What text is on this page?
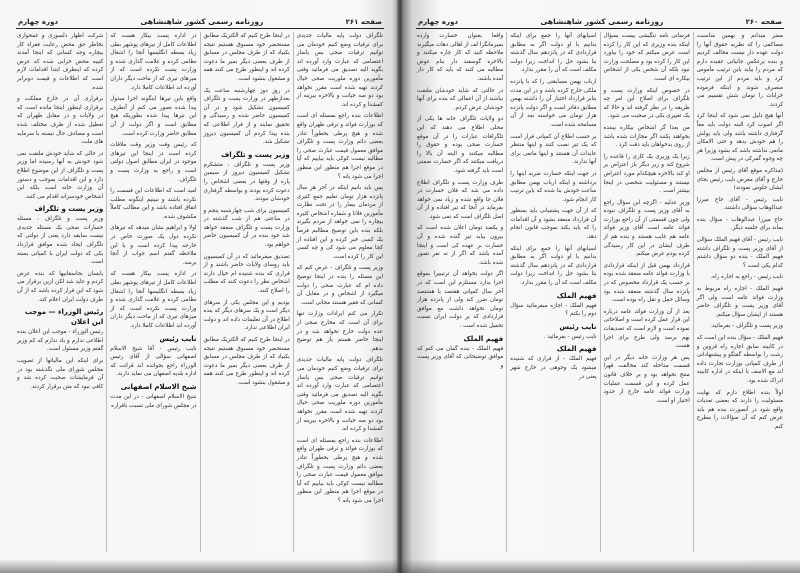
صفحه ۲۶۱
روزنامه رسمی کشور شاهنشاهی
دوره چهارم

تلگراف دولت پایه مالیات جدیدی برای ترقیات وضع کنیم خودمان می توانیم ترقیات صحی بس یاساز اعتصامی که عبارت وارد آورده اند بگوید الیه تصدیق می فرمائید وقتی مأمورین دوره ملوریت صحی خیال کردند تهیه شده است مقرر نخواهد بود دو صه خیانت و بالاخره بیرینه از کمشدا و کرده اند.

اطلاعات بنده راجع بمسئله ای است که بوزارت فوائد و ترقی طهران واقع شده و هیچ پرطی بخطوراً تنادر بعضی دائم وزارت پست و تلگراف موافق معمول قیمت عبارت صحی را مطالبه نیست کوکی باید بیاییم که آیا در موقع اجرا هم منظور این منظور اجرا می شود یانه ؟

پس باید بانیم اینکه در آخر هر سال پانزده هزار تومان تعلیم جمع کثیری از مردمان بیمار را در تحت نظارت مأمورین فلانا و شماره اشخاص کثیره بیچاره را نمی خواهد از مردم بگیرند بلکه بنده باین توضیح مطالبم فرضاً یک کسی خبر کرده و این افتاده از کجا معلوم می شود کی و چه کسی این کار را کرده است.

وزیر پست و تلگراف - عرض کنم که این مسئله را بنده در اینجا توضیح داده ام که عبارت صحی را دولت میگیرد از اشخاص و در مقابل آن کسانی که فقیر هستند مجانی است.

تکرار می کنم ایرادات وزارت تنها برای آن است که مخارج صحی از عده دولت خارج نخواهد شد و در اینجا حاضر هستم باز هم توضیح بدهم.

تلگراف دولت پایه مالیات جدیدی برای ترقیات وضع کنیم خودمان می توانیم ترقیات صحی بس یاساز اعتصامی که عبارت وارد آورده اند بگوید الیه تصدیق می فرمائید وقتی مأمورین دوره ملوریت صحی خیال کردند تهیه شده است مقرر نخواهد بود دو صه خیانت و بالاخره بیرینه از کمشدا و کرده اند.

اطلاعات بنده راجع بمسئله ای است که بوزارت فوائد و ترقی طهران واقع شده و هیچ پرطی بخطوراً تنادر بعضی دائم وزارت پست و تلگراف موافق معمول قیمت عبارت صحی را مطالبه نیست کوکی باید بیاییم که آیا در موقع اجرا هم منظور این منظور اجرا می شود یانه ؟

در اینجا طرح کنیم که الکتریک مطابق مستحضر خود مسبوق هستیم نتیجه بکبیاد که از طرف مجلس در مسابق از طرف بعضی دیگر بمیر ما دعوت کرده اند و اینطور طرح می کنند همه و مشغول بنشود است.

در روز دوز چهارشنبه ساعت یک بعدازظهر در وزارت پست و تلگراف کمیسیون تشکیل شود و در آن کمیسیون حاضر شده و رسیدگی و تحقیق نمایند و از قرار اطلاعی که بنده پیدا کردم آن کمیسیون دیروز تشکیل شد.

وزیر پست و تلگراف

وزیر پست و تلگراف ، متشکرم تشکیل کمیسیون دیروز از سیمین پاره از وقتها در بعضی اشخاص را دعوت کرده بودند و بواسطه گرفتاری خودشان نبودند.

کمیسیون برای شب چهارشنبه پنجم و در ساعتی هم از شب گذشته در وزارت پست و تلگراف منعقد خواهد شد خود بنده در آن کمیسیون حاضر خواهم بود.

تصدیق میفرمائید که در آن کمیسیون باید روسای ولایات حاضر باشند و از قراری که بنده شنیده ام خیال دارند اشخاص نظر را دعوت کنند که مطلب را اصلاح کنند.

بودیم و این مجلس یکی از سرهای دیگر است و یک سرهای دیگر که بنده اطلاع در آن تعلیمات داده اند و دولت ایران اطلاعی ندارد.

در اینجا طرح کنیم که الکتریک مطابق مستحضر خود مسبوق هستیم نتیجه بکبیاد که از طرف مجلس در مسابق از طرف بعضی دیگر بمیر ما دعوت کرده اند و اینطور طرح می کنند همه و مشغول بنشود است.

در اداره پست بیکار هست که اطلاعات کامل از تیرهای پوشهر بطی زیاد بسطه انگلیسها آنجا را اشغال نظامی کرده و علامت گذاری شده و وزارت پست نکرده است که از میزهای تیری که از ماحت دیگر داران آورده اند اطلاعات کاملا دارد.

واقع باین تیرها اینگونه اجرا مبذول پیدا شده تصور می کنم از آنطرف این تیرها پیدا شده بطوریکه هیچ مطابق است و اگر دولت از آن مطابق حاضر وزارت کرده است.

که رئیس وقت وزیر وقت ملاقات کرده است در اینجا این تیرهای موجود در ایران مطابق اصول دولتی است و راجع به وزارت پست و تلگراف.

امید است که اطلاعات این قسمت را نکرده باشند و نبینیم اینگونه مطلب اتفاق افتاده باشد و این مطالب کاملاً مکشوف شده.

اولا و ابراهیم نشان میدهد که تیرهای نکرده دول یک صورت خاص در خارجه پیدا کرده است و با این ملاحظه گفتم اسم جواب از آنجا برسد.

در اداره پست بیکار هست که اطلاعات کامل از تیرهای پوشهر بطی زیاد بسطه انگلیسها آنجا را اشغال نظامی کرده و علامت گذاری شده و وزارت پست نکرده است که از میزهای تیری که از ماحت دیگر داران آورده اند اطلاعات کاملا دارد.

نایب رئیس

نایب رئیس - آقا شیخ الاسلام اصفهانی سؤالی از آقای رئیس الوزراء راجع بخوانده اند قرائت که اداره بلدیه اصفهان می نماید دارند.

شیخ الاسلام اصفهانی

شیخ الاسلام اصفهانی - در این مدت در مجلس شورای ملی نسبت باقراره

شرکت اظهار دلسوزی و غمخواری بخاطر حق محض رعایت فقراء کار بیچاره وجه کسانی که اینجا آمدند کتیبه محض خرابی شده که عرض کرده که اینطرف ابتدا اقدامات لازم است که اطلاعات و قیمت دوبرابر شده.

برقراری آن در خارج مملکت و برقراری اینطور اینجا مانده است که در ولایات و در مقابل طهران که تعطیل شده از طرف مختلف شده است و مصادف حال نبسته با سرمایه های ملت.

در حالی که شاید خودش ملتفت نمی شود خودش به آنها رسیده اما وزیر پست و تلگراف از این موضوع اطلاع دارد و این اقدامات بموجب و دستور آن وزارت خانه است بلکه این اشخاص خودسرانه اقدام می کنند.

وزیر پست و تلگراف

وزیر پست و تلگراف ، مسئله خسارات صحی یک مسئله جدیدی نیست سابقه دارد یعنی از دولتی که تلگراف ایجاد شده موافق قرارداد یکی که دولت ایران با کمپانی بسته است.

بایسان بحاسقابیها که بنده عرض کردم و عاید شد لکن ازین برقرار می شود که این قرار کرده باشد که از آن طرف دولت ایران اعلام کند.

رئیس الوزراء — موجب این اعلان

رئیس الوزراء - موجب این اعلان بنده اطلاعی ندارم و یاد ندارم که کم وزیر گفتم وزیر مسئول است.

برای اینکه این مالیاتها از تصویب مجلس شورای ملی نگذشته بود در آن فرمایشات صحبت کرده شد و کافی نبود که متن برقرار کردند.

صفحه ۲۶۰
روزنامه رسمی کشور شاهنشاهی
دوره چهارم

مضر میدانم و بهمین مناسبت مصاکمی را که نظریه حقوق آنها را دولت عهده دار نیست مخالف کردیم و بنده برعکس جانیانی عقیده دارم که مردم را بیاید باین ترتیب مأموس کرد و باید مردم از این ترتیب منصرف شوند و اینکه فرموده خرابات را تومان شش تقسیم می کردند.

آنها هیچ دلیل نمی شود که اینجا کرد اگر اصوب کرد البته دولت باید معاً گرفتاری داشته باشد ولی باید پولش را هم خودش بدهد و حتی الامکان مانعی نداشته باشد که بشود وزیرا هر چه وجوه گمرکی در پیش است.

(مذاکره موقع آقای رئیس از مجلس خارج و آقای معرض نایب رئیس بجای ایشان جلوس نمودند)

نایب رئیس - آقای حاج میرزا عبدالوهاب سؤالی داشتند.

حاج میرزا عبدالوهاب - سؤال بنده بماند برای جلسه دیگر.

نایب رئیس - آقای فهیم الملک سؤالی از آقای وزیر پست و تلگراف داشته فهیم الملک - بنده دو سؤال داشتم کدام یکی است ؟

نایب رئیس - راجع به اجاره راه.

فهیم الملک - اجاره راه مربوط به وزارت فوائد عامه است ولی اگر آقای وزیر پست و تلگراف حاضر هستند از ایشان سؤال میکنم.

وزیر پست و تلگراف - بفرمائید.

فهیم الملک - سؤال بنده این است که در کابینه سابق اجاره راه قزوین و رشت را بواسطه گفتگو و پیشنهاداتی از طرف کمپانی بوزارت تجارت داده اند مع الاسف با اینکه در اداره کابینه ادراک شده بود.

اولاً بنده اطلاع دارم که نهایت مسئولیت را دارند که بعضی تعدیات واقع شود در آنصورت بنده هم باید عرض کنم که آن سؤالات را مطرح کنم.

فرساتی نامه تنگیشی بیست بسؤال اینکه بنده وزیری که این کار را کرده است عرض میکنم که خود را بیاورد این کار را کرده بود و مصلحت وزارت نبود بلکه آن شخص یکی از اشخاص بیکاره ای است.

در خصوص اینکه وزارت پست و تلگراف برای اصلاح این امر چه طریقه را در نظر گرفته اند و حالا که یک تغییری یکی در صحبت می شود.

من بعدا گر اشخاص بیکاره بیننده بخواهند بکنند اگر مجازات شده باشد از روی بدخواهان باید دقت کرد .

زیرا یک وزیری یک کاری را قاعده را شروع کند و زیر دیگر باز اعتراض بر او کند بالاخره هیچکدام مورد اعتراض نیستند و مسئولیت شخصی در اینجا بیشتر است .

وزیر عدلیه - اگرچه این سؤال راجع به آقای وزیر پست و تلگراف نبوده ولی چون قسمتی از آن راجع بوزارت فوائد عامه است آقای وزیر فوائد عامه هم غایب هستند و بنده هم از طرف ایشان در این کار رسیدگی کرده بودم عرض میکنم.

قرارداد بهمن قبل از اینکه قراردادی با وزارت فوائد عامه منعقد شده بوده بر حسب یک قرارداد مخصوص که در پانزده سال گذشته منعقد شده بود وسائل حمل و نقل راه بوده است.

بعد از آن وزارت فوائد عامه درباره این قرار عمل کرده است و اصلاحاتی نموده است و لازم است که تصدیقات بهم برسد ولی طرح برای اجرا هست.

پس هر وزارت خانه دیگر در این قسمت مداخله کند مخالفت قهرا منتج نخواهد بود و بر خلاف قانون عمل کرده و این قسمت عملیات وزارت فوائد عامه خارج از حدود اختیار او است.

اسیابهای آنها را جمع برای اینکه بدانیم با او دولت اگر به مطابق قراردادی که در پانزدهم سال گذشته بنا بشود حل را انداخت زیرا دولت مکلف است که آن را مقرر بدارد.

ارباب بهمن مسابقتی را که با پانزده ملکی خارج کرده باشد و در این مدت بنابر قرارداد اختیار آن را داشته بهمن مطابق دفاتر است و اگر دولت پانزده هزار تومان می خواسته بعد از آن مسامحه شده است.

بر حسب اطلاع آن کمپانی قرار است که یک تیر نصب کنند و اینها منتظر عایدات آن هستند و اینها مانعی برای آنها ندارند.

در جهت اینکه خسارت ضربه اینها را برداشته و اینکه ارباب بهمن مطابق ساعت خودش بنا شده که باین ترتیب کار انجام شود.

که از آن جهت پشتیبانی باید بمنظور آن قرارداد منعقد بشود و آن اقدامات را که باید بکند بموجب قانون انجام دهد.

اسیابهای آنها را جمع برای اینکه بدانیم با او دولت اگر به مطابق قراردادی که در پانزدهم سال گذشته بنا بشود حل را انداخت زیرا دولت مکلف است که آن را مقرر بدارد.

فهیم الملک

فهیم الملک - اجازه میفرمائید سؤال دوم را بکنم ؟

نایب رئیس

نایب رئیس - بفرمائید .

فهیم الملک

فهیم الملک - از قراری که شنیده میشود یک وجوهی در خارج شهر یعنی در

واقعا بعنوان خسارت وارده بمیرمانگرا لف از اهالی دهات میگیرند ملاحظه کنید که کار چاره میکنند و بالاخره گوسفند دار بنام عوض مطالبه می کنند که باید که کار دار آمده باشند.

در حالتی که شاید خودشان ملتفت نباشند از آن اعمالی که بنده برای آنها خودشان عرض کردم.

دو ولایات تلگراف خانه ها یکی از محلی اطلاع می دهند که این تلگرافات عبارات را در آن موقع خسارت صحی بوده و حقوق را مطالبه میکنند و البته آن بالا را دریافت میکنند که اگر خسارت ضمنی است باید گرفته شود.

طرف وزارت پست و تلگراف اطلاع داده می شد که فلان خسارت در فلان جا واقع شده و زیاد نمی خواهد بفرماید در آنجا که تیر افتاده و از آن اصل تلگراف است که نمی شود.

و یکصد تومان اعلان شده است که بیرون بیاید تیر گنده شده و آن خسارت بر عهده کی است و اینجا آمده باشد که اگر از نه نفر تصور شده باشد.

اگر دولت بخواهد آن ترتیبیرا بموقع اجرا بدارد مستلزم این است که در آخر سال کمپانی هفتصد یا هشتصد تومان ضرر کند ولی از پانزده هزار تومان نخواهد داشت مع موافق قراردادی که بر دولت ایران نسبت تحمیل شده است .

فهیم الملک

فهیم الملک - بنده گمان می کنم که موافق توضیحاتی که آقای وزیر پست و
